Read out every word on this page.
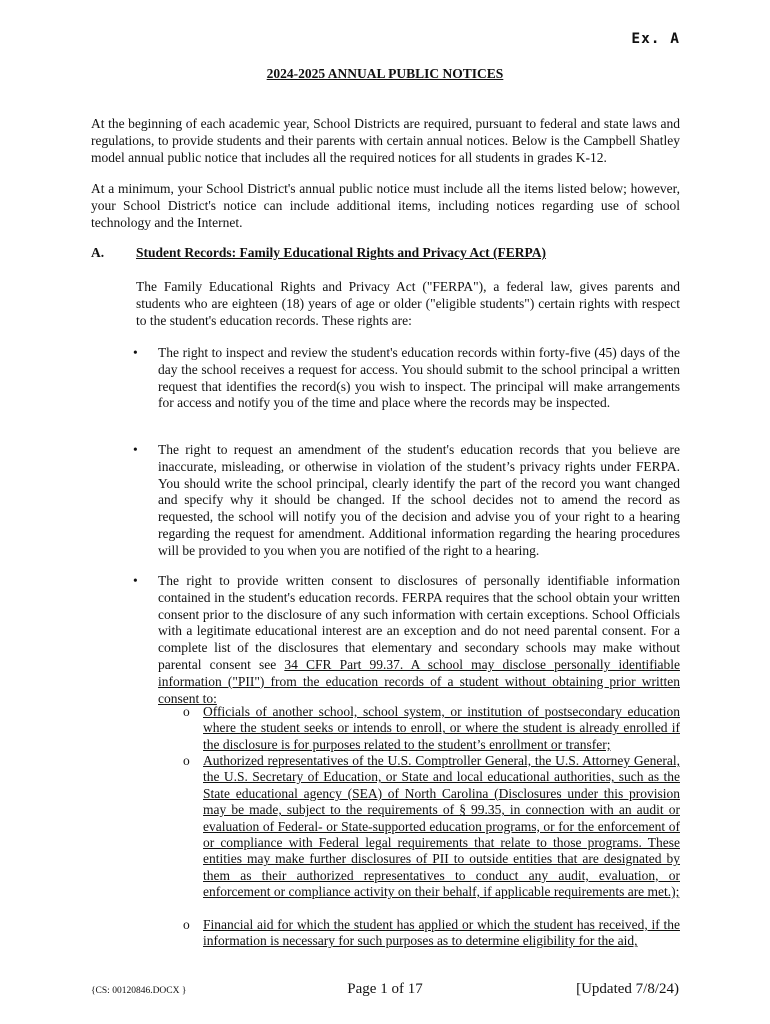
Ex. A
2024-2025 ANNUAL PUBLIC NOTICES

At the beginning of each academic year, School Districts are required, pursuant to federal and state laws and regulations, to provide students and their parents with certain annual notices. Below is the Campbell Shatley model annual public notice that includes all the required notices for all students in grades K-12.

At a minimum, your School District's annual public notice must include all the items listed below; however, your School District's notice can include additional items, including notices regarding use of school technology and the Internet.

A. Student Records: Family Educational Rights and Privacy Act (FERPA)

The Family Educational Rights and Privacy Act ("FERPA"), a federal law, gives parents and students who are eighteen (18) years of age or older ("eligible students") certain rights with respect to the student's education records. These rights are:

• The right to inspect and review the student's education records within forty-five (45) days of the day the school receives a request for access. You should submit to the school principal a written request that identifies the record(s) you wish to inspect. The principal will make arrangements for access and notify you of the time and place where the records may be inspected.

• The right to request an amendment of the student's education records that you believe are inaccurate, misleading, or otherwise in violation of the student’s privacy rights under FERPA. You should write the school principal, clearly identify the part of the record you want changed and specify why it should be changed. If the school decides not to amend the record as requested, the school will notify you of the decision and advise you of your right to a hearing regarding the request for amendment. Additional information regarding the hearing procedures will be provided to you when you are notified of the right to a hearing.

• The right to provide written consent to disclosures of personally identifiable information contained in the student's education records. FERPA requires that the school obtain your written consent prior to the disclosure of any such information with certain exceptions. School Officials with a legitimate educational interest are an exception and do not need parental consent. For a complete list of the disclosures that elementary and secondary schools may make without parental consent see 34 CFR Part 99.37. A school may disclose personally identifiable information ("PII") from the education records of a student without obtaining prior written consent to:

o Officials of another school, school system, or institution of postsecondary education where the student seeks or intends to enroll, or where the student is already enrolled if the disclosure is for purposes related to the student’s enrollment or transfer;

o Authorized representatives of the U.S. Comptroller General, the U.S. Attorney General, the U.S. Secretary of Education, or State and local educational authorities, such as the State educational agency (SEA) of North Carolina (Disclosures under this provision may be made, subject to the requirements of § 99.35, in connection with an audit or evaluation of Federal- or State-supported education programs, or for the enforcement of or compliance with Federal legal requirements that relate to those programs. These entities may make further disclosures of PII to outside entities that are designated by them as their authorized representatives to conduct any audit, evaluation, or enforcement or compliance activity on their behalf, if applicable requirements are met.);

o Financial aid for which the student has applied or which the student has received, if the information is necessary for such purposes as to determine eligibility for the aid,

{CS: 00120846.DOCX }	Page 1 of 17	[Updated 7/8/24)
